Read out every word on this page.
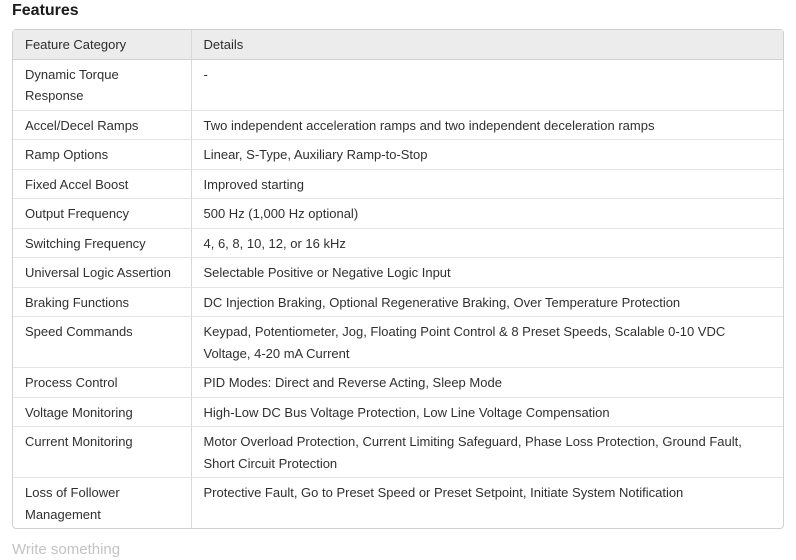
Features
Feature Category	Details
Dynamic Torque Response	-
Accel/Decel Ramps	Two independent acceleration ramps and two independent deceleration ramps
Ramp Options	Linear, S-Type, Auxiliary Ramp-to-Stop
Fixed Accel Boost	Improved starting
Output Frequency	500 Hz (1,000 Hz optional)
Switching Frequency	4, 6, 8, 10, 12, or 16 kHz
Universal Logic Assertion	Selectable Positive or Negative Logic Input
Braking Functions	DC Injection Braking, Optional Regenerative Braking, Over Temperature Protection
Speed Commands	Keypad, Potentiometer, Jog, Floating Point Control & 8 Preset Speeds, Scalable 0-10 VDC Voltage, 4-20 mA Current
Process Control	PID Modes: Direct and Reverse Acting, Sleep Mode
Voltage Monitoring	High-Low DC Bus Voltage Protection, Low Line Voltage Compensation
Current Monitoring	Motor Overload Protection, Current Limiting Safeguard, Phase Loss Protection, Ground Fault, Short Circuit Protection
Loss of Follower Management	Protective Fault, Go to Preset Speed or Preset Setpoint, Initiate System Notification
Write something
